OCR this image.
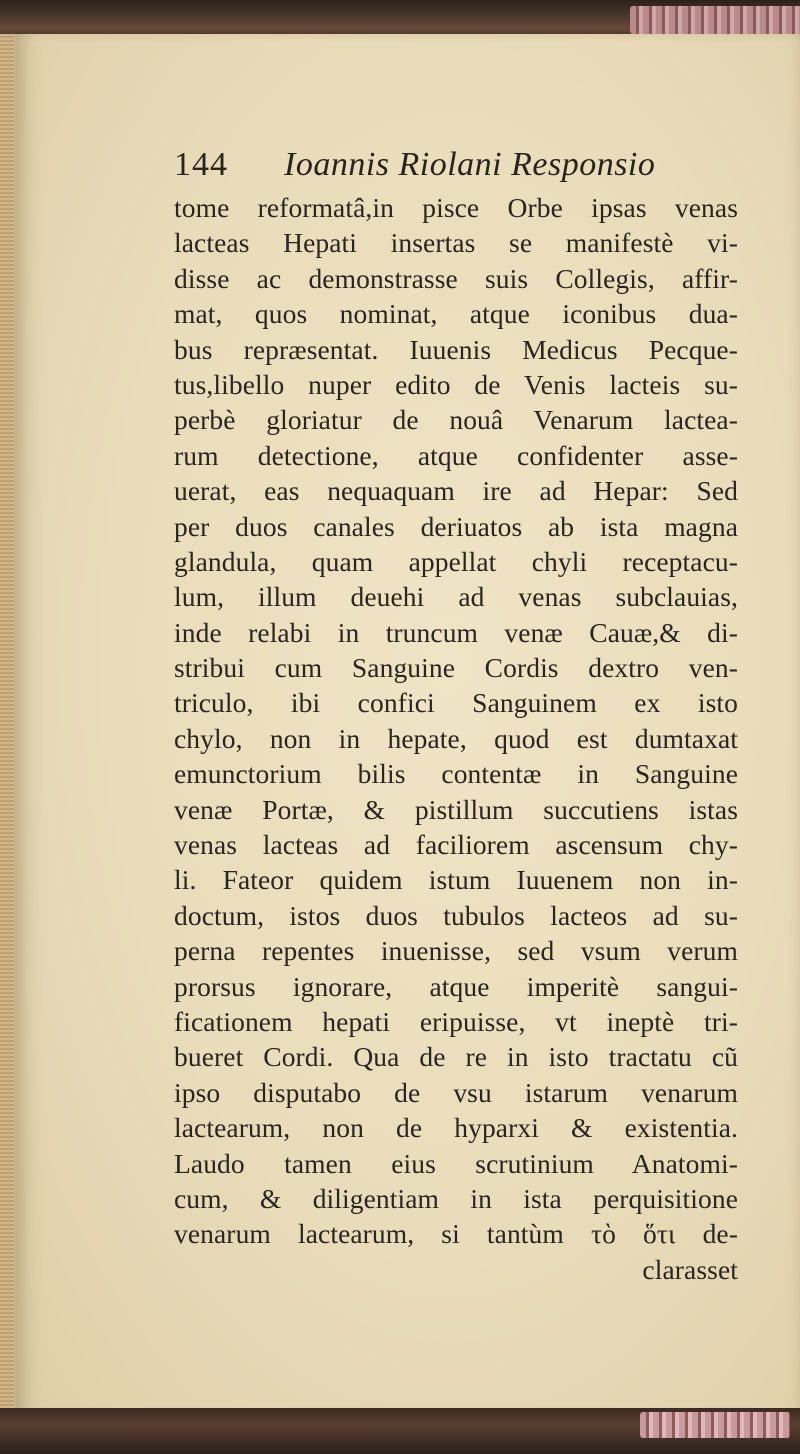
144 Ioannis Riolani Responsio
tome reformatâ,in pisce Orbe ipsas venas
lacteas Hepati insertas se manifestè vi-
disse ac demonstrasse suis Collegis, affir-
mat, quos nominat, atque iconibus dua-
bus repræsentat. Iuuenis Medicus Pecque-
tus,libello nuper edito de Venis lacteis su-
perbè gloriatur de nouâ Venarum lactea-
rum detectione, atque confidenter asse-
uerat, eas nequaquam ire ad Hepar: Sed
per duos canales deriuatos ab ista magna
glandula, quam appellat chyli receptacu-
lum, illum deuehi ad venas subclauias,
inde relabi in truncum venæ Cauæ,& di-
stribui cum Sanguine Cordis dextro ven-
triculo, ibi confici Sanguinem ex isto
chylo, non in hepate, quod est dumtaxat
emunctorium bilis contentæ in Sanguine
venæ Portæ, & pistillum succutiens istas
venas lacteas ad faciliorem ascensum chy-
li. Fateor quidem istum Iuuenem non in-
doctum, istos duos tubulos lacteos ad su-
perna repentes inuenisse, sed vsum verum
prorsus ignorare, atque imperitè sangui-
ficationem hepati eripuisse, vt ineptè tri-
bueret Cordi. Qua de re in isto tractatu cũ
ipso disputabo de vsu istarum venarum
lactearum, non de hyparxi & existentia.
Laudo tamen eius scrutinium Anatomi-
cum, & diligentiam in ista perquisitione
venarum lactearum, si tantùm τὸ ὅτι de-
clarasset
